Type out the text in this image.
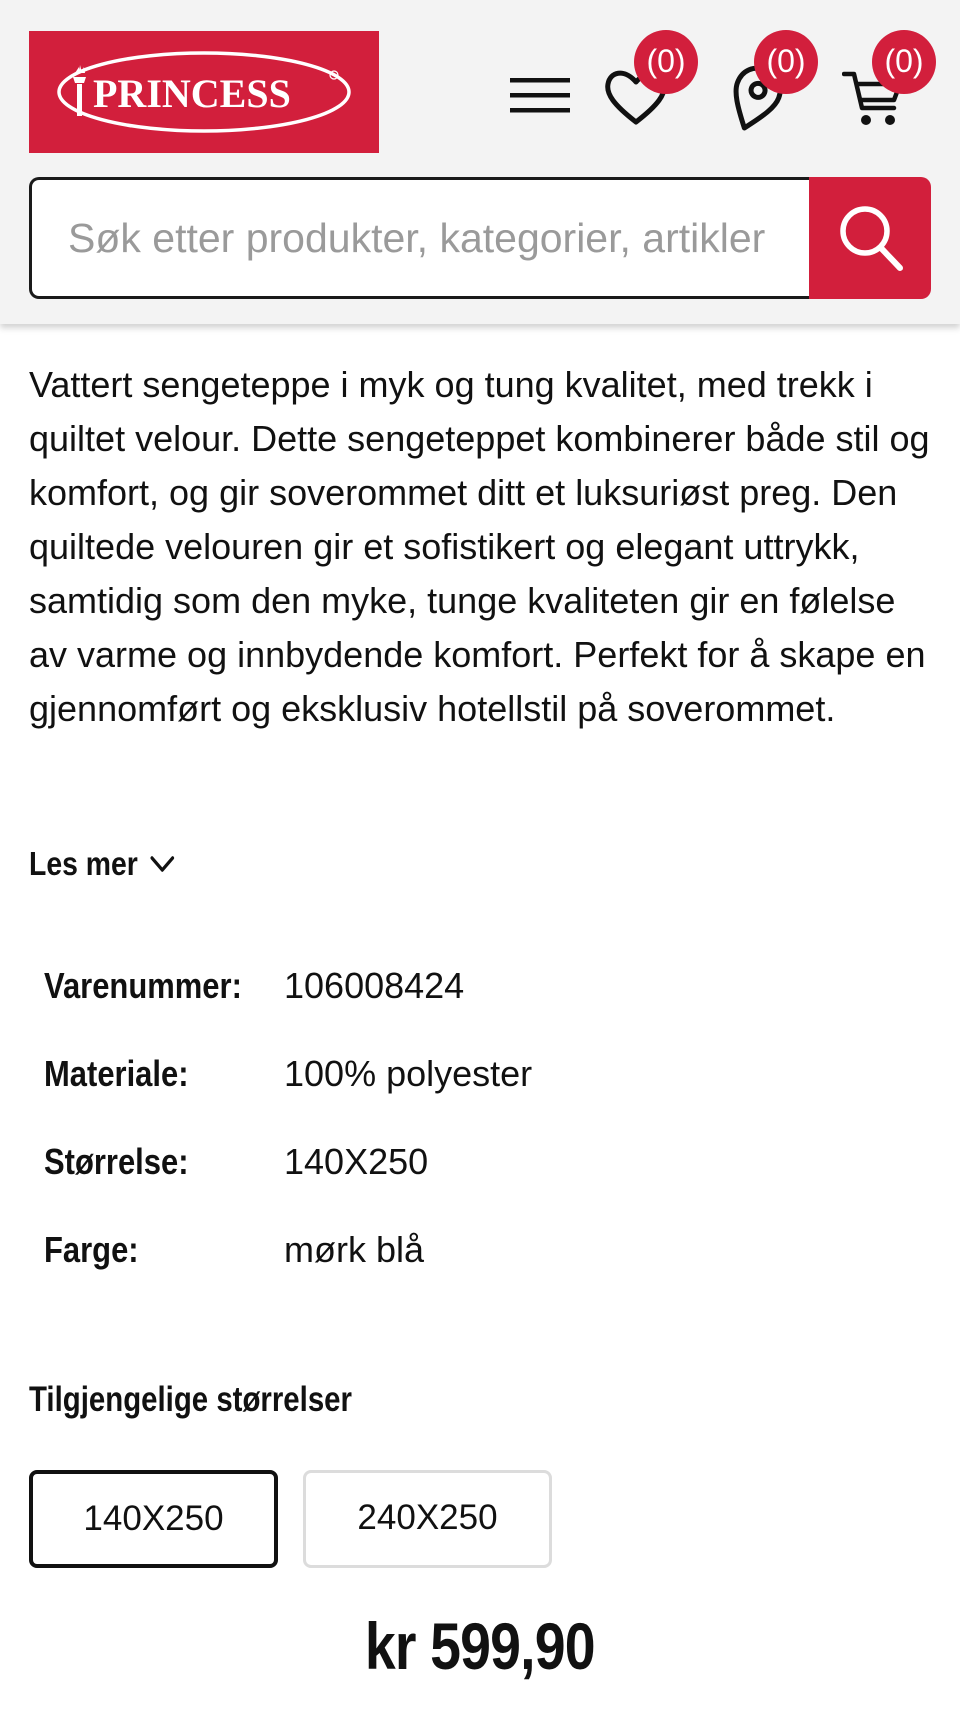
PRINCESS
(0)	(0)	(0)
Søk etter produkter, kategorier, artikler

Vattert sengeteppe i myk og tung kvalitet, med trekk i quiltet velour. Dette sengeteppet kombinerer både stil og komfort, og gir soverommet ditt et luksuriøst preg. Den quiltede velouren gir et sofistikert og elegant uttrykk, samtidig som den myke, tunge kvaliteten gir en følelse av varme og innbydende komfort. Perfekt for å skape en gjennomført og eksklusiv hotellstil på soverommet.

Les mer
Varenummer: 106008424
Materiale:	100% polyester
Størrelse:	140X250
Farge:	mørk blå
Tilgjengelige størrelser
140X250	240X250
kr 599,90
